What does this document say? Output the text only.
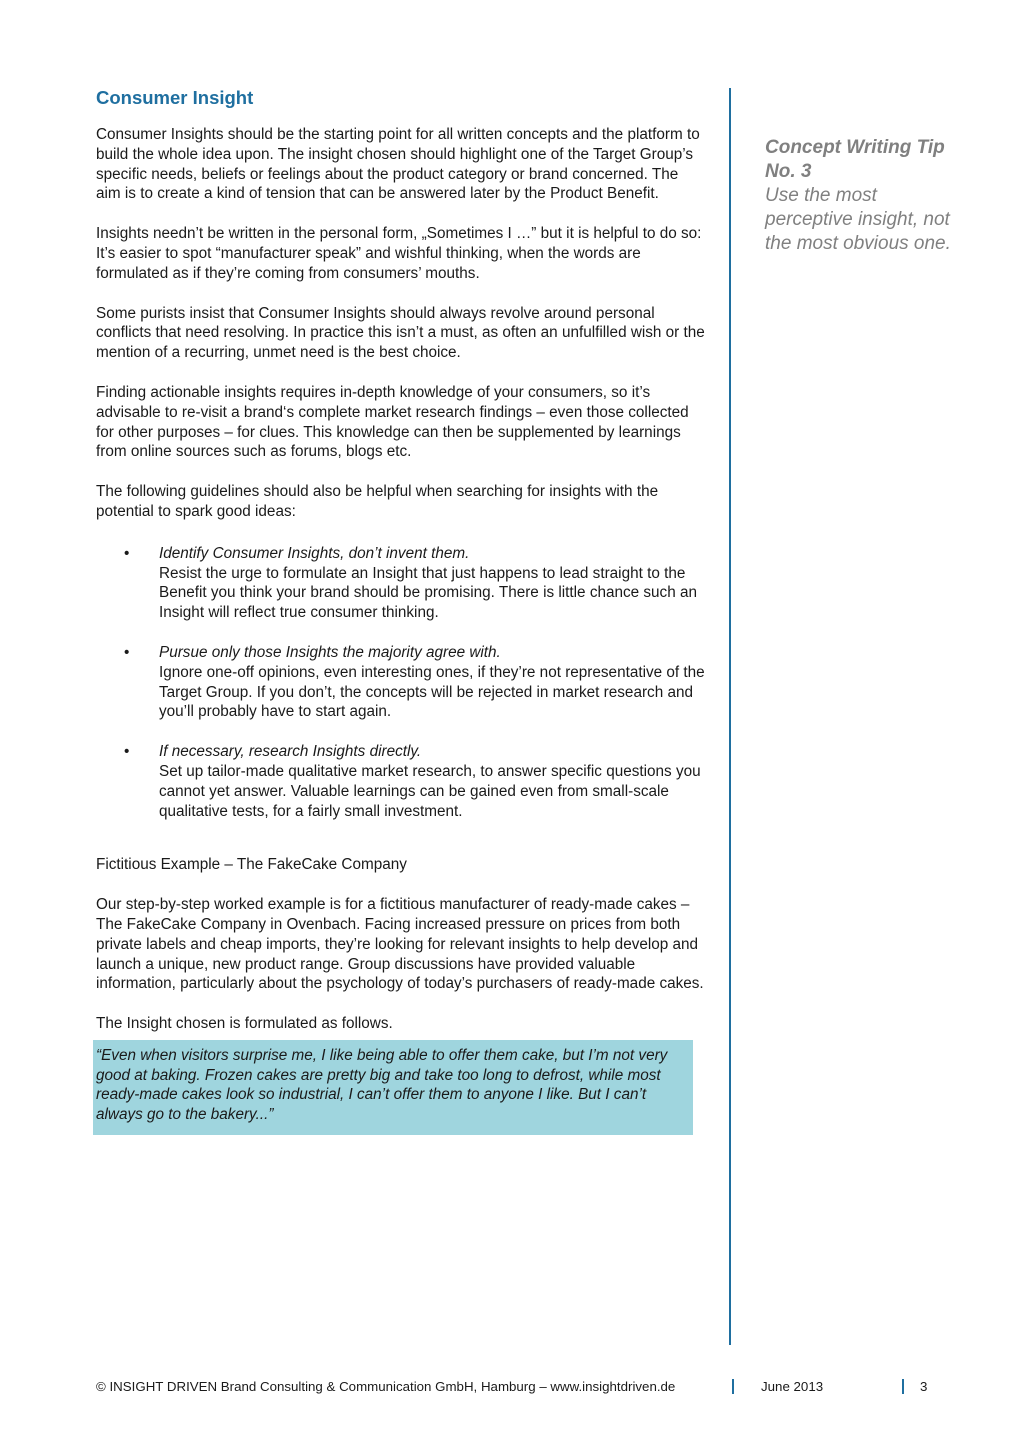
Consumer Insight

Consumer Insights should be the starting point for all written concepts and the platform to build the whole idea upon. The insight chosen should highlight one of the Target Group’s specific needs, beliefs or feelings about the product category or brand concerned. The aim is to create a kind of tension that can be answered later by the Product Benefit.

Insights needn’t be written in the personal form, „Sometimes I …” but it is helpful to do so: It’s easier to spot “manufacturer speak” and wishful thinking, when the words are formulated as if they’re coming from consumers’ mouths.

Some purists insist that Consumer Insights should always revolve around personal conflicts that need resolving. In practice this isn’t a must, as often an unfulfilled wish or the mention of a recurring, unmet need is the best choice.

Finding actionable insights requires in-depth knowledge of your consumers, so it’s advisable to re-visit a brand‘s complete market research findings – even those collected for other purposes – for clues. This knowledge can then be supplemented by learnings from online sources such as forums, blogs etc.

The following guidelines should also be helpful when searching for insights with the potential to spark good ideas:

•	Identify Consumer Insights, don’t invent them.
Resist the urge to formulate an Insight that just happens to lead straight to the Benefit you think your brand should be promising. There is little chance such an Insight will reflect true consumer thinking.
•	Pursue only those Insights the majority agree with.
Ignore one-off opinions, even interesting ones, if they’re not representative of the Target Group. If you don’t, the concepts will be rejected in market research and you’ll probably have to start again.
•	If necessary, research Insights directly.
Set up tailor-made qualitative market research, to answer specific questions you cannot yet answer. Valuable learnings can be gained even from small-scale qualitative tests, for a fairly small investment.

Fictitious Example – The FakeCake Company

Our step-by-step worked example is for a fictitious manufacturer of ready-made cakes – The FakeCake Company in Ovenbach. Facing increased pressure on prices from both private labels and cheap imports, they’re looking for relevant insights to help develop and launch a unique, new product range. Group discussions have provided valuable information, particularly about the psychology of today’s purchasers of ready-made cakes.

The Insight chosen is formulated as follows.

“Even when visitors surprise me, I like being able to offer them cake, but I’m not very good at baking. Frozen cakes are pretty big and take too long to defrost, while most ready-made cakes look so industrial, I can’t offer them to anyone I like. But I can’t always go to the bakery...”
Concept Writing Tip No. 3
Use the most perceptive insight, not the most obvious one.
© INSIGHT DRIVEN Brand Consulting & Communication GmbH, Hamburg – www.insightdriven.de	June 2013	3
